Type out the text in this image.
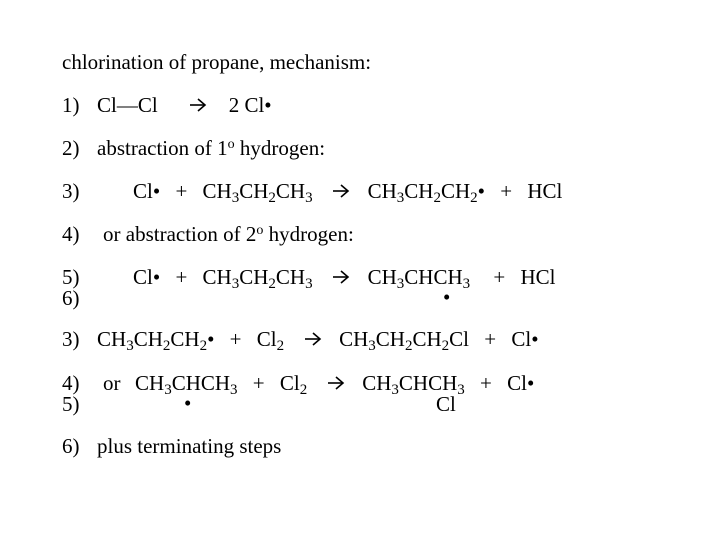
chlorination of propane, mechanism:
1) Cl—Cl	2 Cl•
2) abstraction of 1$^o$ hydrogen:
3)	Cl• + $CH_3CH_2CH_3$	$CH_3CH_2CH_2•$ + HCl
4) or abstraction of 2$^o$ hydrogen:
5)
6)
Cl• + $CH_3CH_2CH_3$	$CH_3CHCH_3$ + HCl
•
3) $CH_3CH_2CH_2• + Cl_2$	$CH_3CH_2CH_2Cl$ + Cl•
4)
5)
or $CH_3CHCH_3 + Cl_2$	$CH_3CHCH_3$ + Cl•
•	Cl
6) plus terminating steps
